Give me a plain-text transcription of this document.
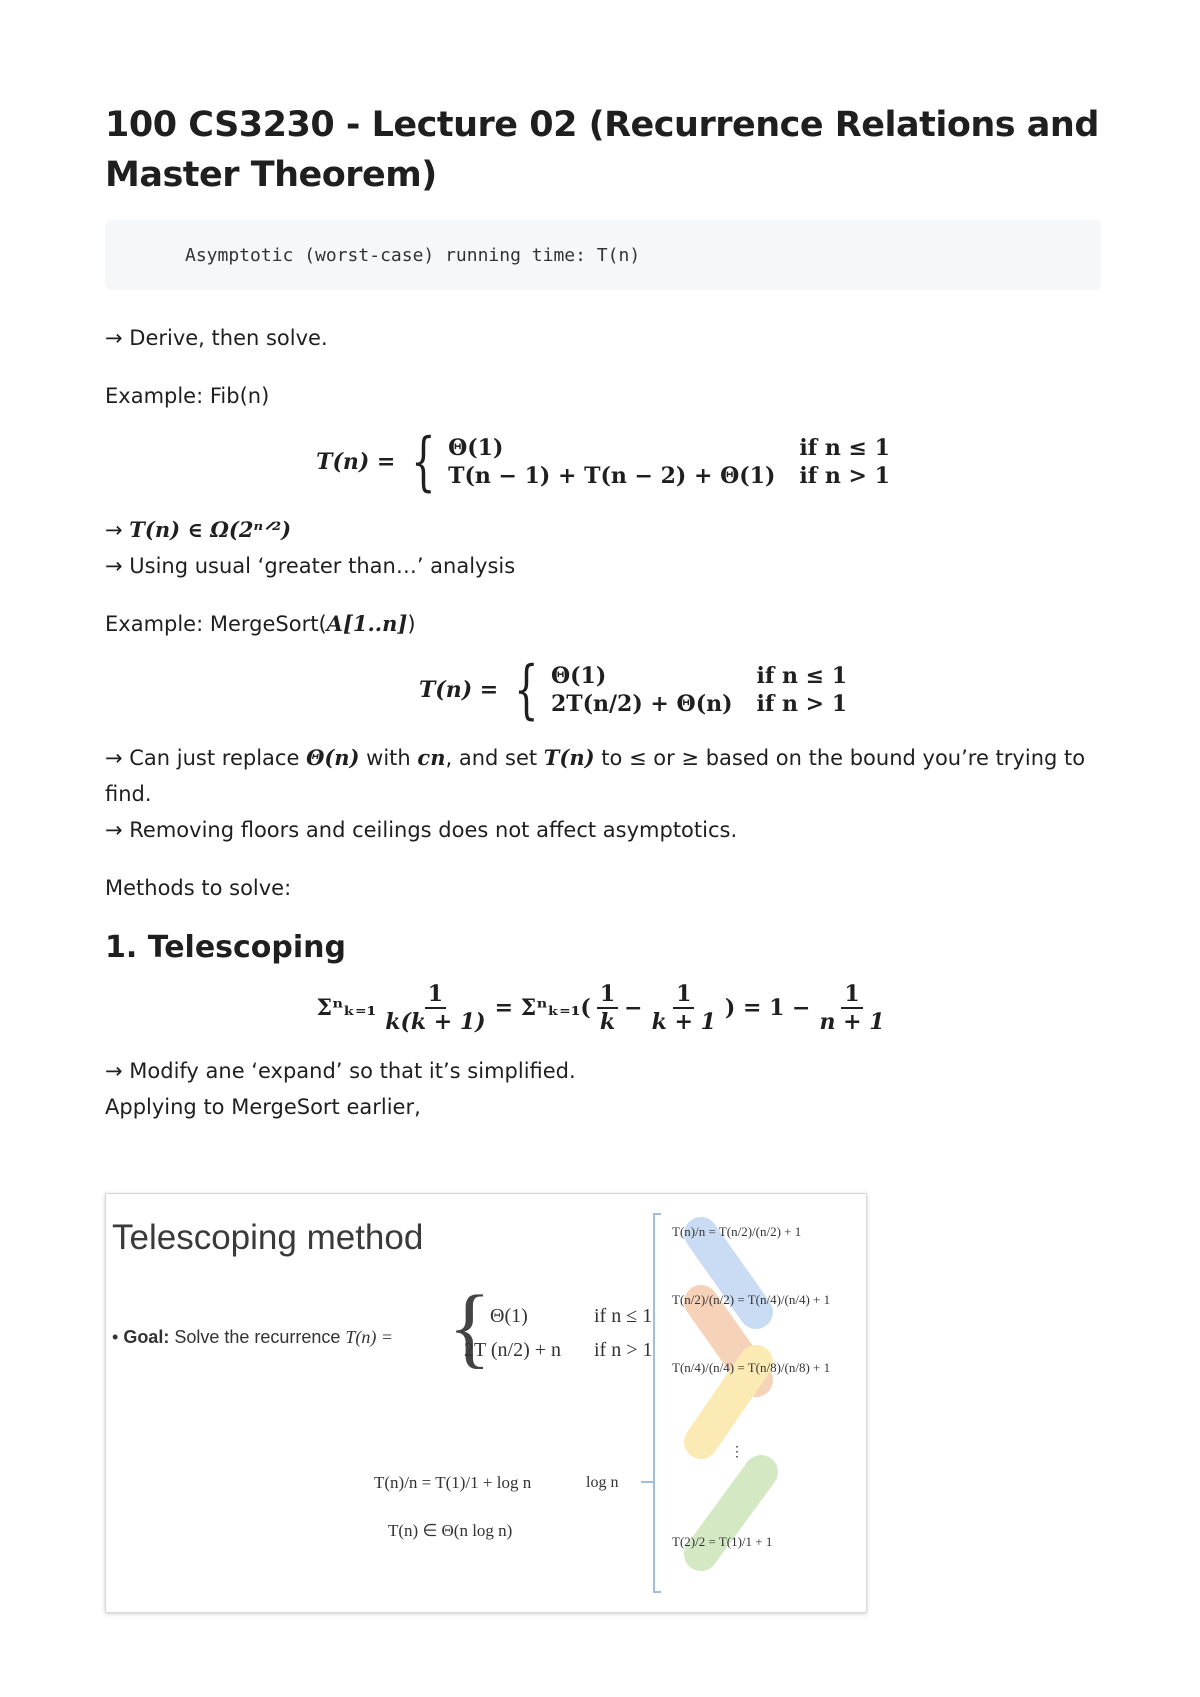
100 CS3230 - Lecture 02 (Recurrence Relations and Master Theorem)
Asymptotic (worst-case) running time: T(n)

→ Derive, then solve.

Example: Fib(n)

T(n) = { Θ(1)	if n ≤ 1
T(n − 1) + T(n − 2) + Θ(1) if n > 1

→ T(n) ∈ Ω(2ⁿᐟ²)

→ Using usual ‘greater than…’ analysis

Example: MergeSort(A[1..n])

T(n) = { Θ(1)	if n ≤ 1
2T(n/2) + Θ(n) if n > 1

→ Can just replace Θ(n) with cn, and set T(n) to ≤ or ≥ based on the bound you’re trying to find.

→ Removing floors and ceilings does not affect asymptotics.

Methods to solve:

1. Telescoping
$\Sigma^n_{k=1} \frac{1}{k(k + 1)} = \Sigma^n_{k=1}( \frac{1}{k} - \frac{1}{k + 1}$ ) = $1 - \frac{1}{n + 1}$

→ Modify ane ‘expand’ so that it’s simplified.

Applying to MergeSort earlier,

Telescoping method
• Goal: Solve the recurrence T(n) = {
Θ(1)	if n ≤ 1
2T (n/2) + n if n > 1
T(n)/n = T(1)/1 + log n
T(n) ∈ Θ(n log n)
log n
T(n)/n = T(n/2)/(n/2) + 1
T(n/2)/(n/2) = T(n/4)/(n/4) + 1
T(n/4)/(n/4) = T(n/8)/(n/8) + 1
⋮
T(2)/2 = T(1)/1 + 1
